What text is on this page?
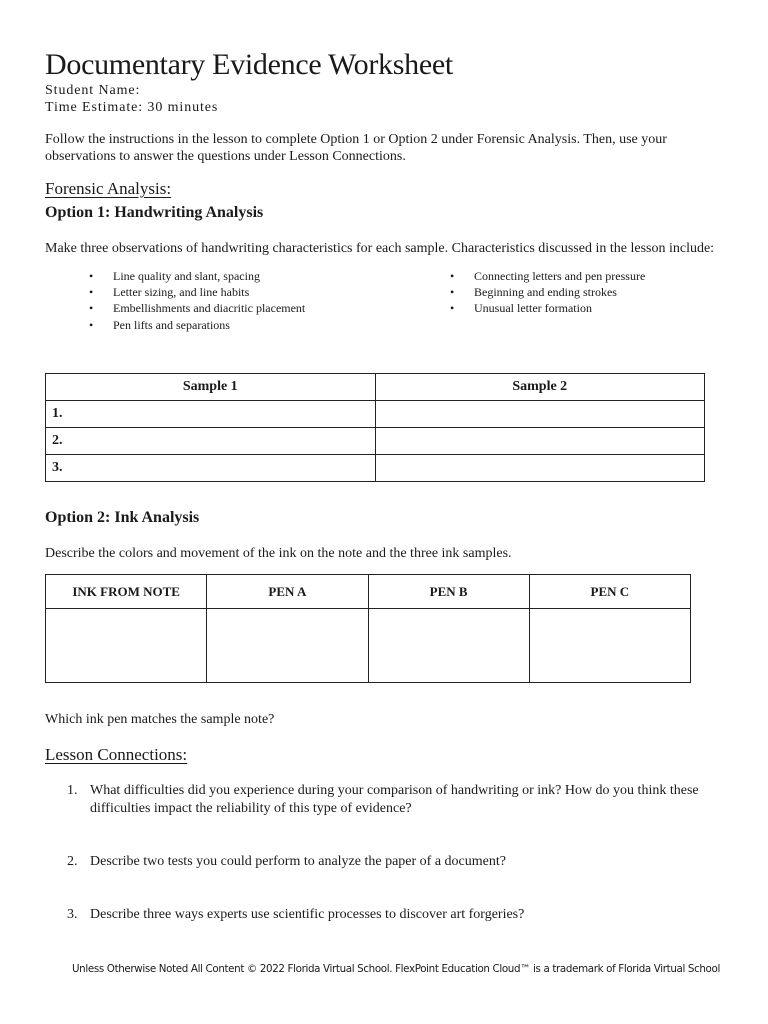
Documentary Evidence Worksheet
Student Name:
Time Estimate: 30 minutes
Follow the instructions in the lesson to complete Option 1 or Option 2 under Forensic Analysis. Then, use your observations to answer the questions under Lesson Connections.
Forensic Analysis:
Option 1: Handwriting Analysis
Make three observations of handwriting characteristics for each sample. Characteristics discussed in the lesson include:
• Line quality and slant, spacing
• Letter sizing, and line habits
• Embellishments and diacritic placement
• Pen lifts and separations
• Connecting letters and pen pressure
• Beginning and ending strokes
• Unusual letter formation
Sample 1	Sample 2
1.	
2.	
3.	
Option 2: Ink Analysis
Describe the colors and movement of the ink on the note and the three ink samples.
INK FROM NOTE	PEN A	PEN B	PEN C

Which ink pen matches the sample note?
Lesson Connections:
1. What difficulties did you experience during your comparison of handwriting or ink? How do you think these difficulties impact the reliability of this type of evidence?
2. Describe two tests you could perform to analyze the paper of a document?
3. Describe three ways experts use scientific processes to discover art forgeries?
Unless Otherwise Noted All Content © 2022 Florida Virtual School. FlexPoint Education Cloud™ is a trademark of Florida Virtual School
